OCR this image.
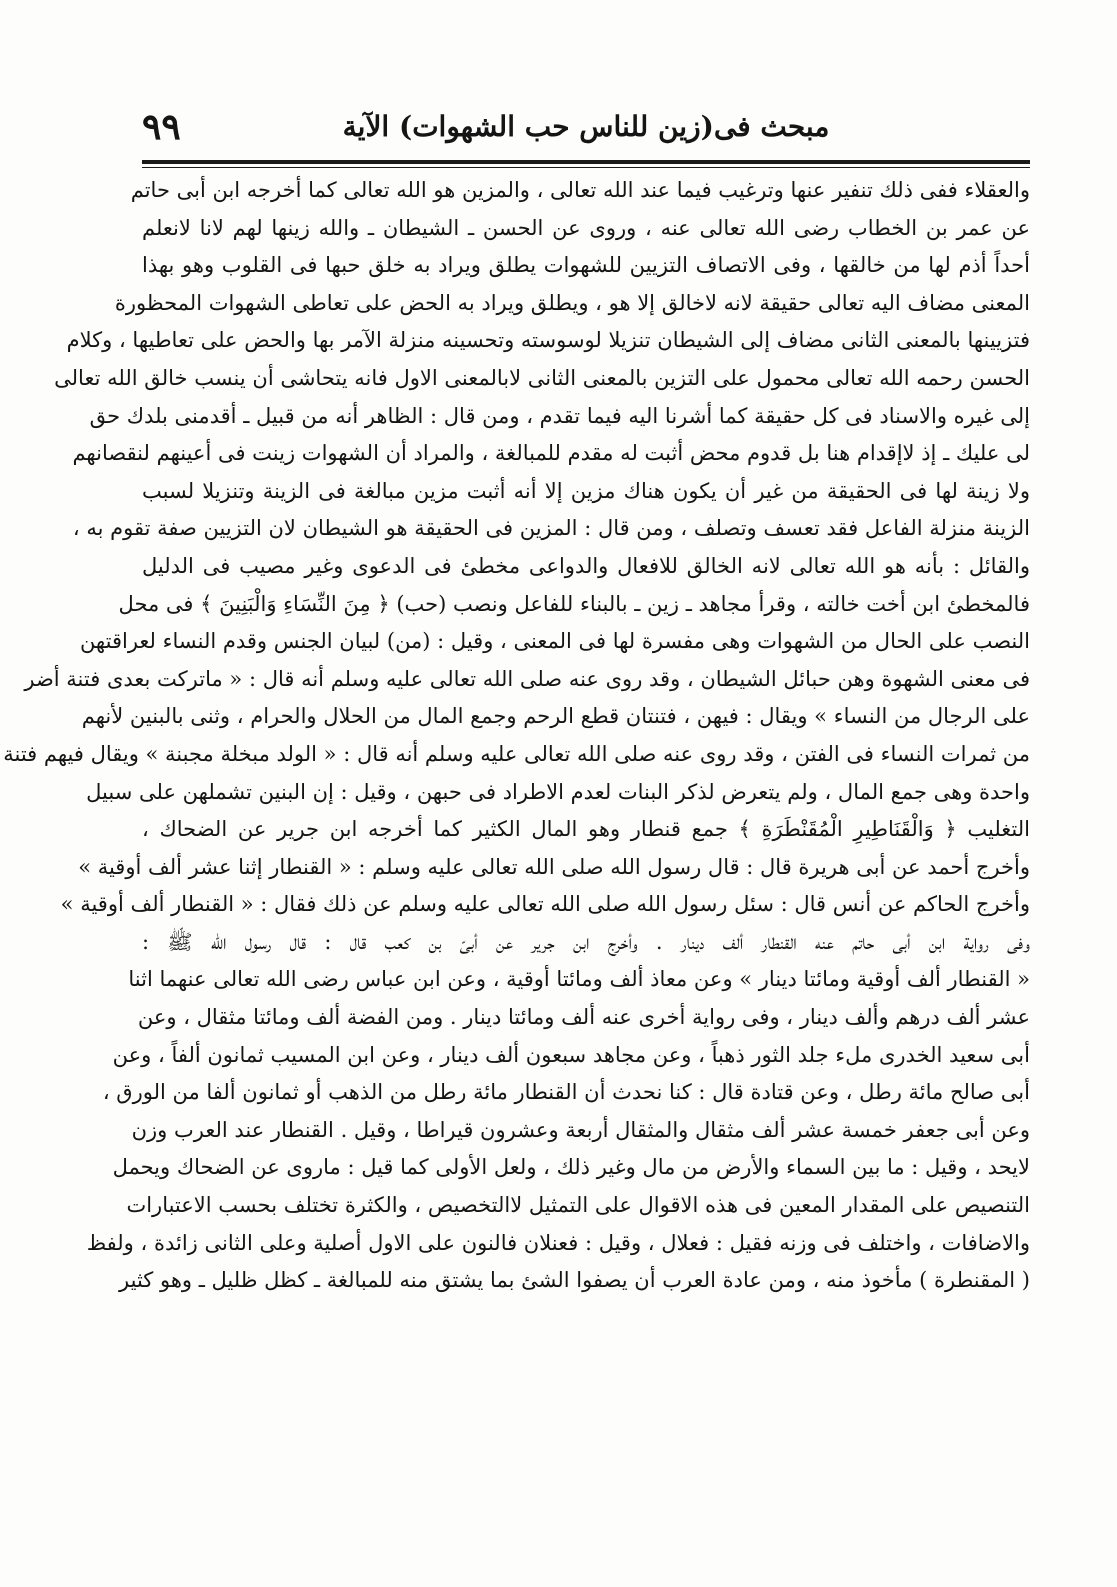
٩٩	مبحث فى(زين للناس حب الشهوات) الآية
والعقلاء ففى ذلك تنفير عنها وترغيب فيما عند الله تعالى ، والمزين هو الله تعالى كما أخرجه ابن أبى حاتم
عن عمر بن الخطاب رضى الله تعالى عنه ، وروى عن الحسن ـ الشيطان ـ والله زينها لهم لانا لانعلم
أحداً أذم لها من خالقها ، وفى الاتصاف التزيين للشهوات يطلق ويراد به خلق حبها فى القلوب وهو بهذا
المعنى مضاف اليه تعالى حقيقة لانه لاخالق إلا هو ، ويطلق ويراد به الحض على تعاطى الشهوات المحظورة
فتزيينها بالمعنى الثانى مضاف إلى الشيطان تنزيلا لوسوسته وتحسينه منزلة الآمر بها والحض على تعاطيها ، وكلام
الحسن رحمه الله تعالى محمول على التزين بالمعنى الثانى لابالمعنى الاول فانه يتحاشى أن ينسب خالق الله تعالى
إلى غيره والاسناد فى كل حقيقة كما أشرنا اليه فيما تقدم ، ومن قال : الظاهر أنه من قبيل ـ أقدمنى بلدك حق
لى عليك ـ إذ لاإقدام هنا بل قدوم محض أثبت له مقدم للمبالغة ، والمراد أن الشهوات زينت فى أعينهم لنقصانهم
ولا زينة لها فى الحقيقة من غير أن يكون هناك مزين إلا أنه أثبت مزين مبالغة فى الزينة وتنزيلا لسبب
الزينة منزلة الفاعل فقد تعسف وتصلف ، ومن قال : المزين فى الحقيقة هو الشيطان لان التزيين صفة تقوم به ،
والقائل : بأنه هو الله تعالى لانه الخالق للافعال والدواعى مخطئ فى الدعوى وغير مصيب فى الدليل
فالمخطئ ابن أخت خالته ، وقرأ مجاهد ـ زين ـ بالبناء للفاعل ونصب (حب) ﴿ مِنَ النِّسَاءِ وَالْبَنِينَ ﴾ فى محل
النصب على الحال من الشهوات وهى مفسرة لها فى المعنى ، وقيل : (من) لبيان الجنس وقدم النساء لعراقتهن
فى معنى الشهوة وهن حبائل الشيطان ، وقد روى عنه صلى الله تعالى عليه وسلم أنه قال : « ماتركت بعدى فتنة أضر
على الرجال من النساء » ويقال : فيهن ، فتنتان قطع الرحم وجمع المال من الحلال والحرام ، وثنى بالبنين لأنهم
من ثمرات النساء فى الفتن ، وقد روى عنه صلى الله تعالى عليه وسلم أنه قال : « الولد مبخلة مجبنة » ويقال فيهم فتنة
واحدة وهى جمع المال ، ولم يتعرض لذكر البنات لعدم الاطراد فى حبهن ، وقيل : إن البنين تشملهن على سبيل
التغليب ﴿ وَالْقَنَاطِيرِ الْمُقَنْطَرَةِ ﴾ جمع قنطار وهو المال الكثير كما أخرجه ابن جرير عن الضحاك ،
وأخرج أحمد عن أبى هريرة قال : قال رسول الله صلى الله تعالى عليه وسلم : « القنطار إثنا عشر ألف أوقية »
وأخرج الحاكم عن أنس قال : سئل رسول الله صلى الله تعالى عليه وسلم عن ذلك فقال : « القنطار ألف أوقية »
وفى رواية ابن أبى حاتم عنه القنطار ألف دينار . وأخرج ابن جرير عن أبىّ بن كعب قال : قال رسول الله ﷺ :
« القنطار ألف أوقية ومائتا دينار » وعن معاذ ألف ومائتا أوقية ، وعن ابن عباس رضى الله تعالى عنهما اثنا
عشر ألف درهم وألف دينار ، وفى رواية أخرى عنه ألف ومائتا دينار . ومن الفضة ألف ومائتا مثقال ، وعن
أبى سعيد الخدرى ملء جلد الثور ذهباً ، وعن مجاهد سبعون ألف دينار ، وعن ابن المسيب ثمانون ألفاً ، وعن
أبى صالح مائة رطل ، وعن قتادة قال : كنا نحدث أن القنطار مائة رطل من الذهب أو ثمانون ألفا من الورق ،
وعن أبى جعفر خمسة عشر ألف مثقال والمثقال أربعة وعشرون قيراطا ، وقيل . القنطار عند العرب وزن
لايحد ، وقيل : ما بين السماء والأرض من مال وغير ذلك ، ولعل الأولى كما قيل : ماروى عن الضحاك ويحمل
التنصيص على المقدار المعين فى هذه الاقوال على التمثيل لاالتخصيص ، والكثرة تختلف بحسب الاعتبارات
والاضافات ، واختلف فى وزنه فقيل : فعلال ، وقيل : فعنلان فالنون على الاول أصلية وعلى الثانى زائدة ، ولفظ
( المقنطرة ) مأخوذ منه ، ومن عادة العرب أن يصفوا الشئ بما يشتق منه للمبالغة ـ كظل ظليل ـ وهو كثير
